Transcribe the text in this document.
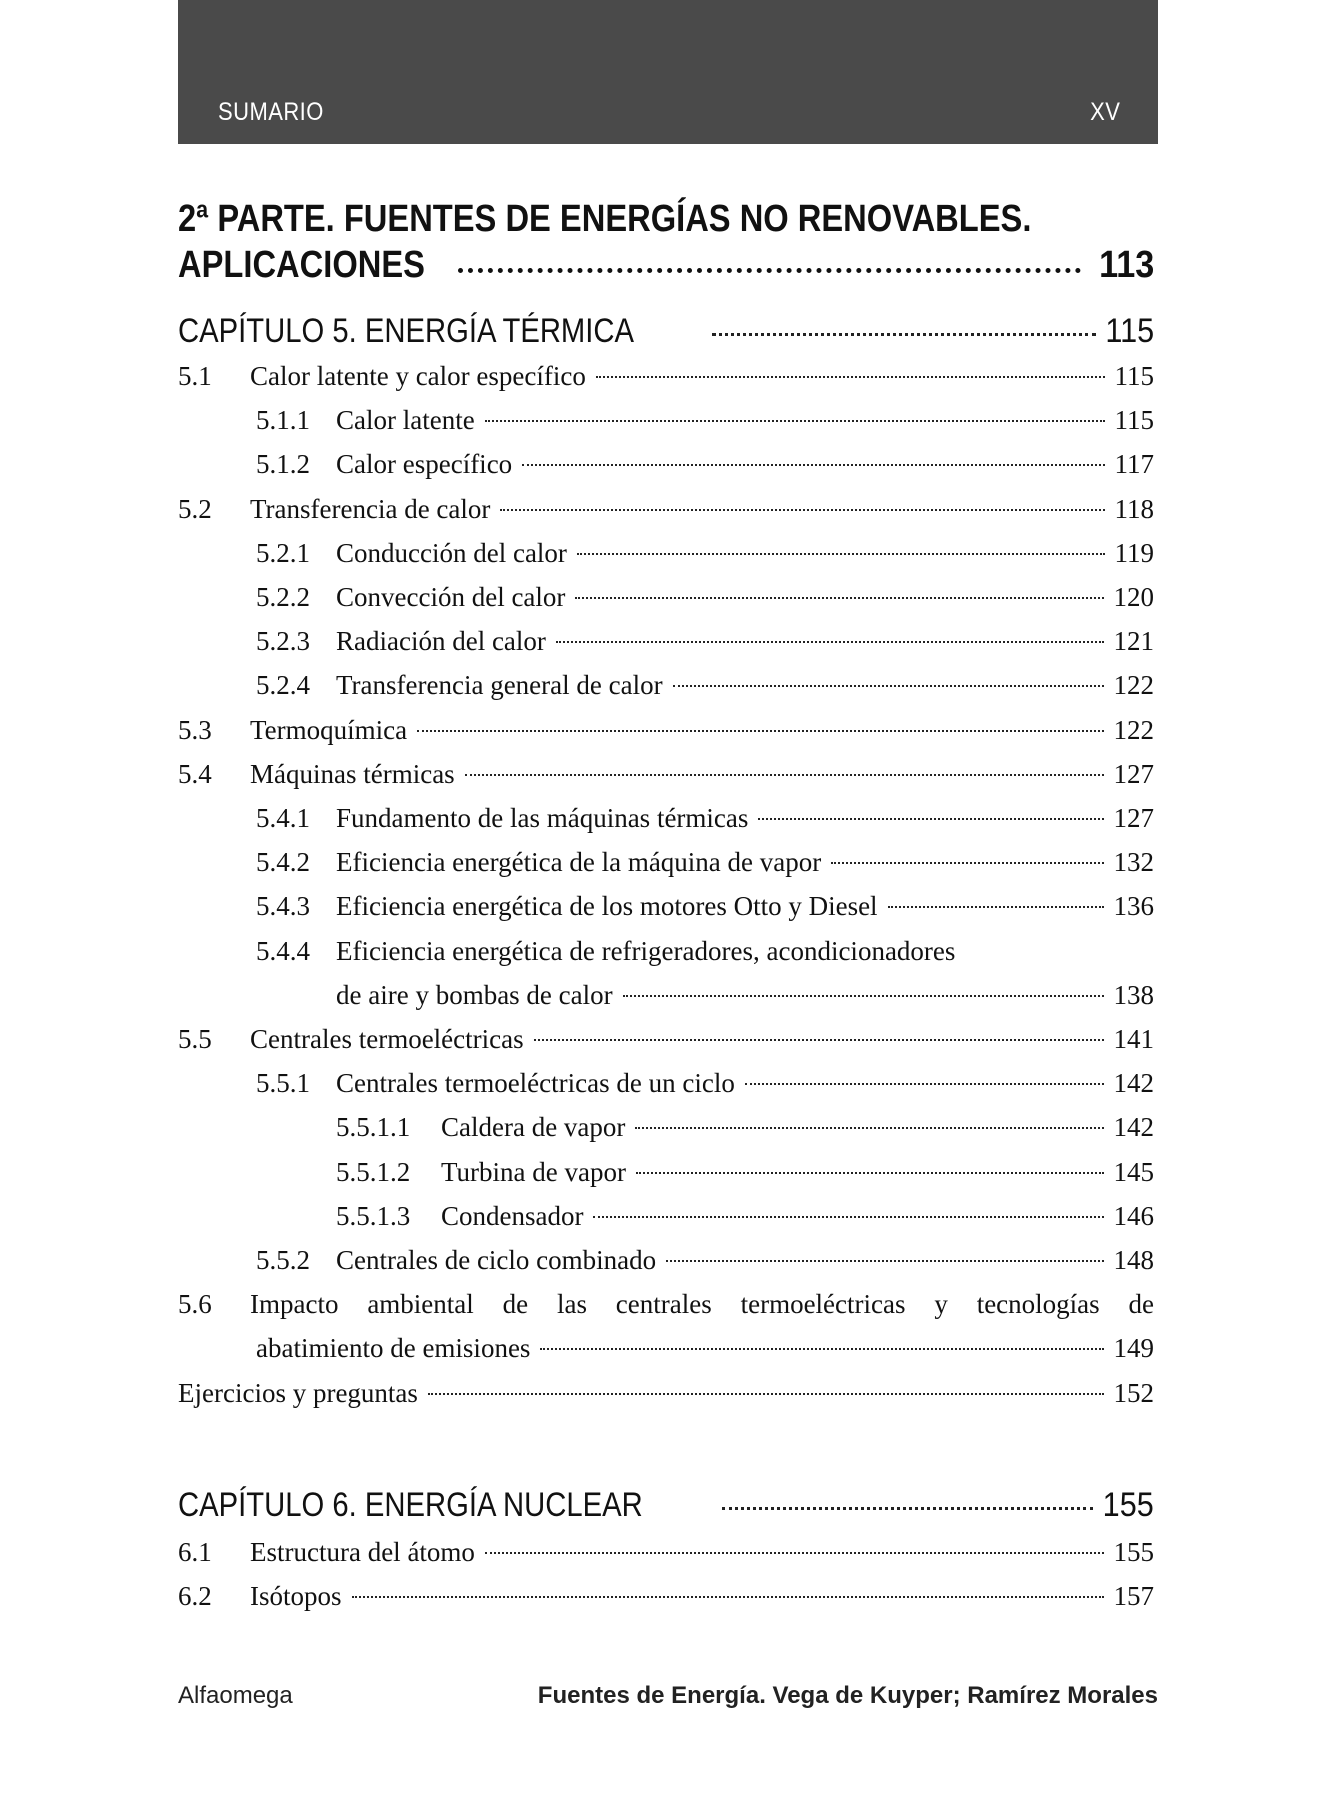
SUMARIO	XV
2ª PARTE. FUENTES DE ENERGÍAS NO RENOVABLES.
APLICACIONES	113
CAPÍTULO 5. ENERGÍA TÉRMICA	115
5.1 Calor latente y calor específico	115
5.1.1 Calor latente	115
5.1.2 Calor específico	117
5.2 Transferencia de calor	118
5.2.1 Conducción del calor	119
5.2.2 Convección del calor	120
5.2.3 Radiación del calor	121
5.2.4 Transferencia general de calor	122
5.3 Termoquímica	122
5.4 Máquinas térmicas	127
5.4.1 Fundamento de las máquinas térmicas	127
5.4.2 Eficiencia energética de la máquina de vapor	132
5.4.3 Eficiencia energética de los motores Otto y Diesel	136
5.4.4 Eficiencia energética de refrigeradores, acondicionadores
de aire y bombas de calor	138
5.5 Centrales termoeléctricas	141
5.5.1 Centrales termoeléctricas de un ciclo	142
5.5.1.1 Caldera de vapor	142
5.5.1.2 Turbina de vapor	145
5.5.1.3 Condensador	146
5.5.2 Centrales de ciclo combinado	148
5.6 Impacto ambiental de las centrales termoeléctricas y tecnologías de
abatimiento de emisiones	149
Ejercicios y preguntas	152
CAPÍTULO 6. ENERGÍA NUCLEAR	155
6.1 Estructura del átomo	155
6.2 Isótopos	157
Alfaomega	Fuentes de Energía. Vega de Kuyper; Ramírez Morales
